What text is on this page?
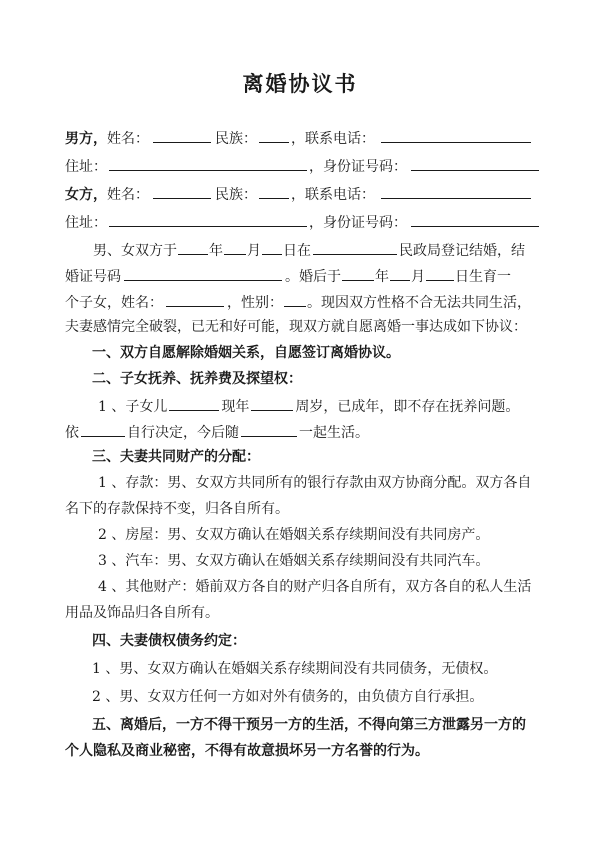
离婚协议书
男方，姓名：	民族： ，联系电话：
住址：	，身份证号码：
女方，姓名：	民族： ，联系电话：
住址：	，身份证号码：
男、女双方于 年 月 日在	民政局登记结婚，结
婚证号码	。婚后于 年 月 日生育一
个子女，姓名：	，性别： 。现因双方性格不合无法共同生活，
夫妻感情完全破裂，已无和好可能，现双方就自愿离婚一事达成如下协议：
一、双方自愿解除婚姻关系，自愿签订离婚协议。
二、子女抚养、抚养费及探望权：
1 、子女儿	现年	周岁，已成年，即不存在抚养问题。
依	自行决定，今后随	一起生活。
三、夫妻共同财产的分配：
1 、存款：男、女双方共同所有的银行存款由双方协商分配。双方各自
名下的存款保持不变，归各自所有。
2 、房屋：男、女双方确认在婚姻关系存续期间没有共同房产。
3 、汽车：男、女双方确认在婚姻关系存续期间没有共同汽车。
4 、其他财产：婚前双方各自的财产归各自所有，双方各自的私人生活
用品及饰品归各自所有。
四、夫妻债权债务约定：
1 、男、女双方确认在婚姻关系存续期间没有共同债务，无债权。
2 、男、女双方任何一方如对外有债务的，由负债方自行承担。
五、离婚后，一方不得干预另一方的生活，不得向第三方泄露另一方的
个人隐私及商业秘密，不得有故意损坏另一方名誉的行为。
